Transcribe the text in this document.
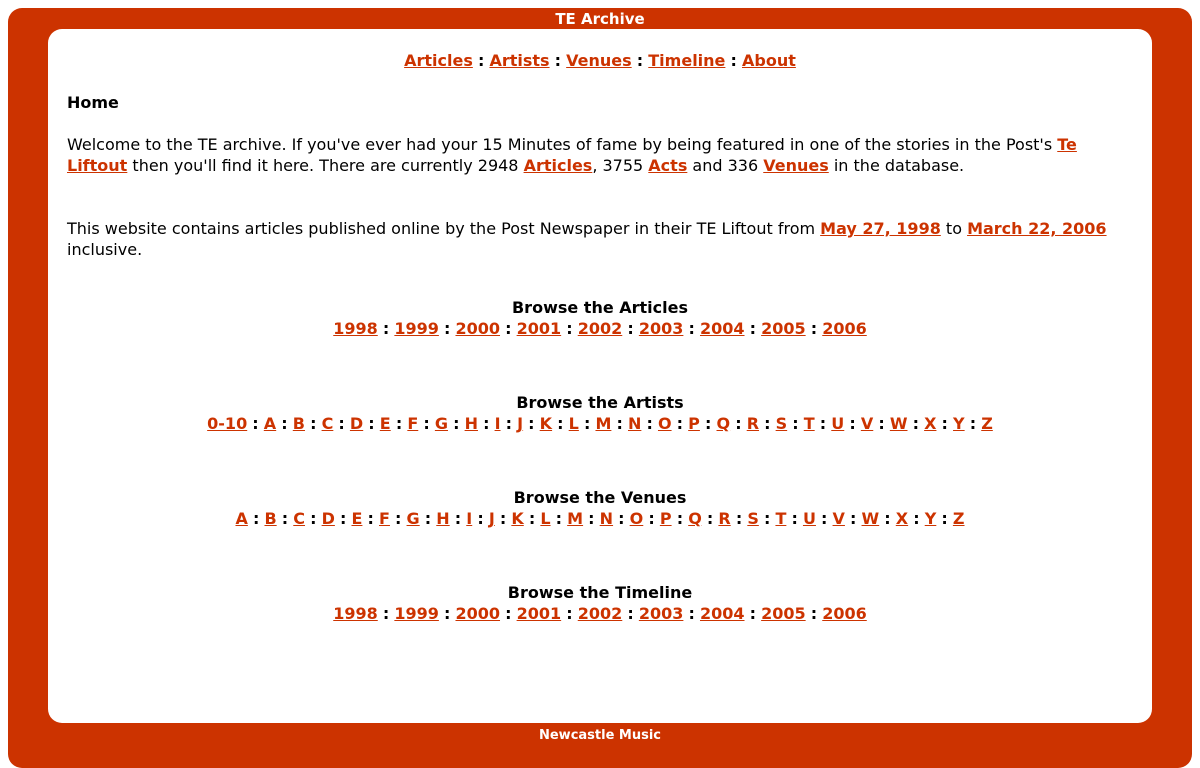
TE Archive
Articles : Artists : Venues : Timeline : About
Home
Welcome to the TE archive. If you've ever had your 15 Minutes of fame by being featured in one of the stories in the Post's Te Liftout then you'll find it here. There are currently 2948 Articles, 3755 Acts and 336 Venues in the database.
This website contains articles published online by the Post Newspaper in their TE Liftout from May 27, 1998 to March 22, 2006 inclusive.
Browse the Articles
1998 : 1999 : 2000 : 2001 : 2002 : 2003 : 2004 : 2005 : 2006
Browse the Artists
0-10 : A : B : C : D : E : F : G : H : I : J : K : L : M : N : O : P : Q : R : S : T : U : V : W : X : Y : Z
Browse the Venues
A : B : C : D : E : F : G : H : I : J : K : L : M : N : O : P : Q : R : S : T : U : V : W : X : Y : Z
Browse the Timeline
1998 : 1999 : 2000 : 2001 : 2002 : 2003 : 2004 : 2005 : 2006
Newcastle Music
